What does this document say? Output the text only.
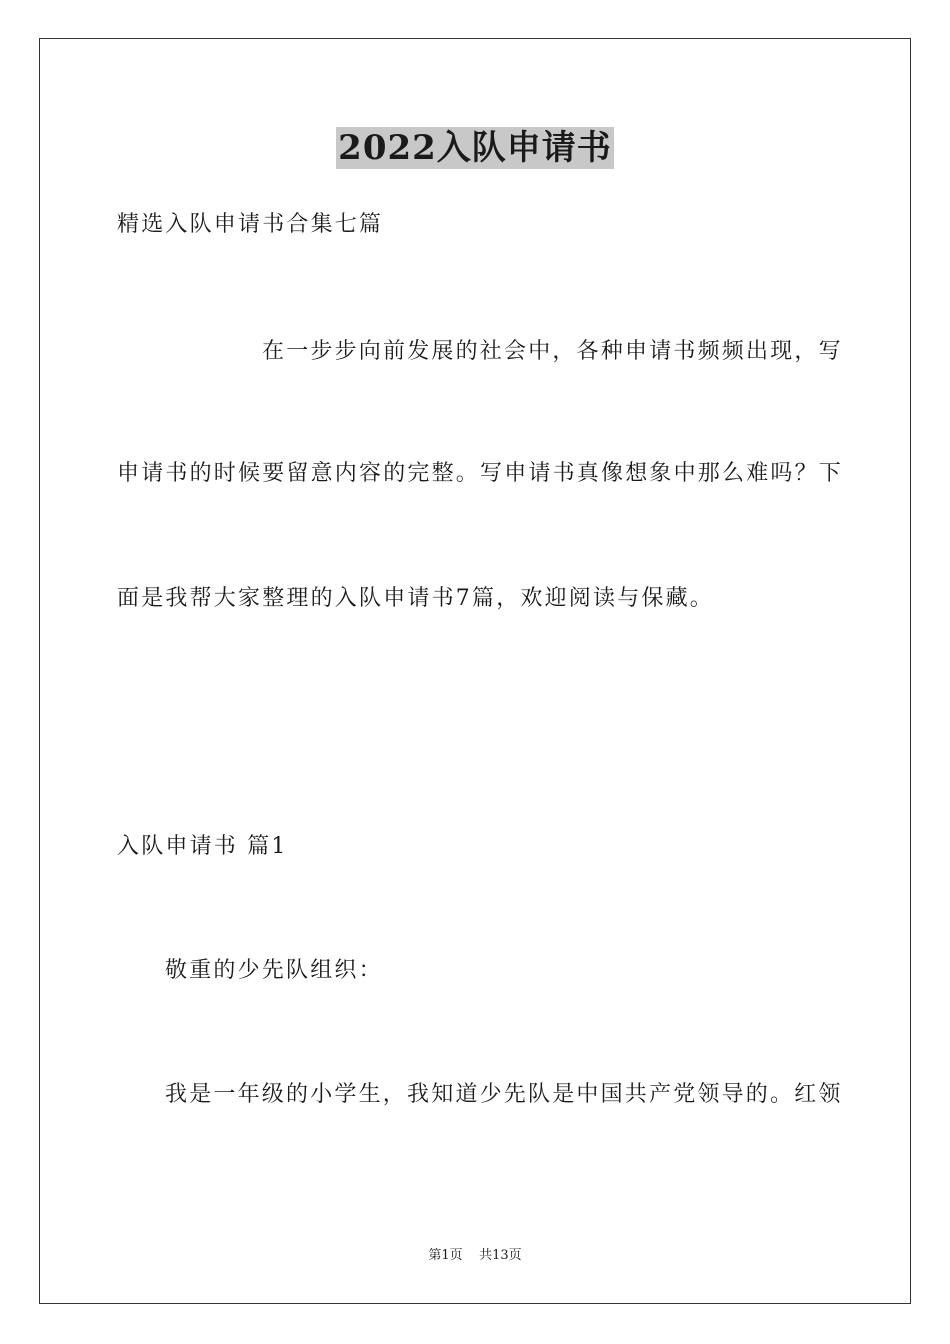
2022入队申请书
精选入队申请书合集七篇
在一步步向前发展的社会中，各种申请书频频出现，写
申请书的时候要留意内容的完整。写申请书真像想象中那么难吗？下
面是我帮大家整理的入队申请书7篇，欢迎阅读与保藏。
入队申请书 篇1
敬重的少先队组织：
我是一年级的小学生，我知道少先队是中国共产党领导的。红领
第1页 共13页
